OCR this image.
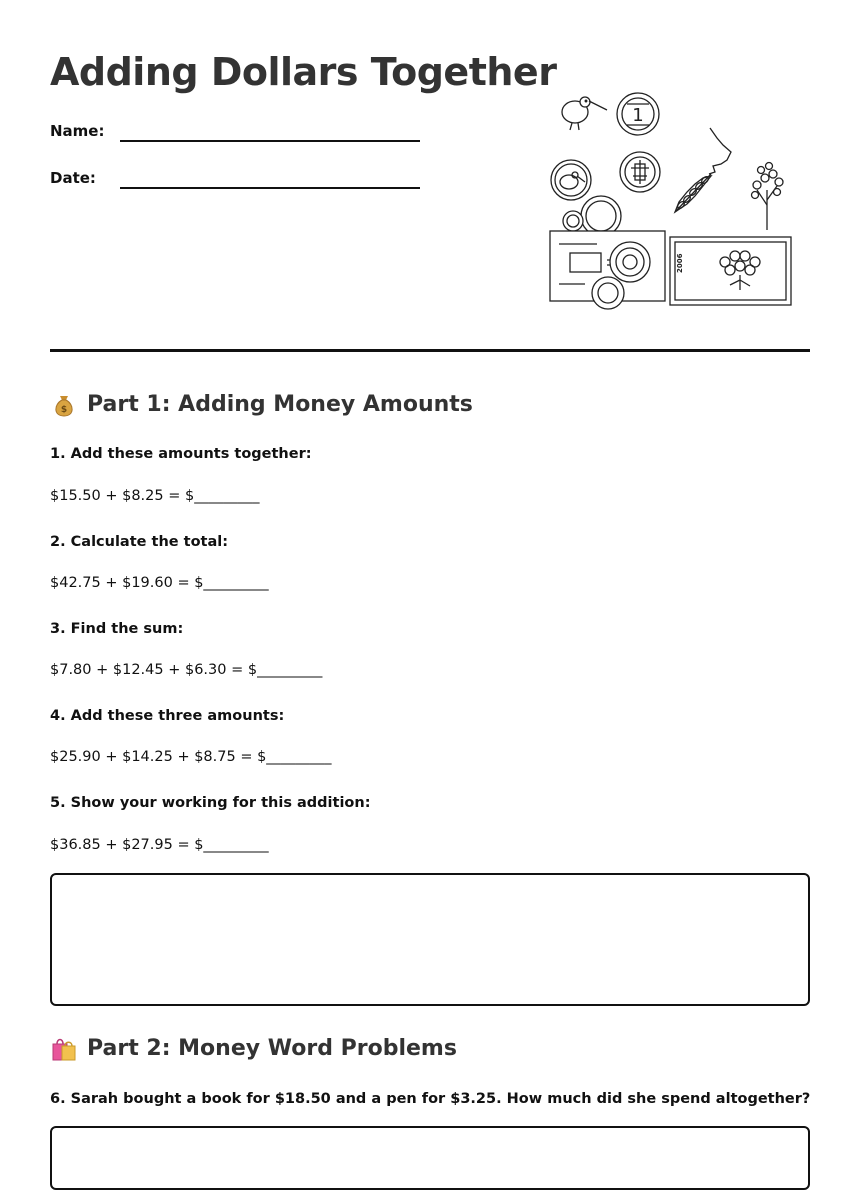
Adding Dollars Together
Name:
Date:
1
2006
$ Part 1: Adding Money Amounts

1. Add these amounts together:

$15.50 + $8.25 = $_________

2. Calculate the total:

$42.75 + $19.60 = $_________

3. Find the sum:

$7.80 + $12.45 + $6.30 = $_________

4. Add these three amounts:

$25.90 + $14.25 + $8.75 = $_________

5. Show your working for this addition:

$36.85 + $27.95 = $_________

Part 2: Money Word Problems

6. Sarah bought a book for $18.50 and a pen for $3.25. How much did she spend altogether?
